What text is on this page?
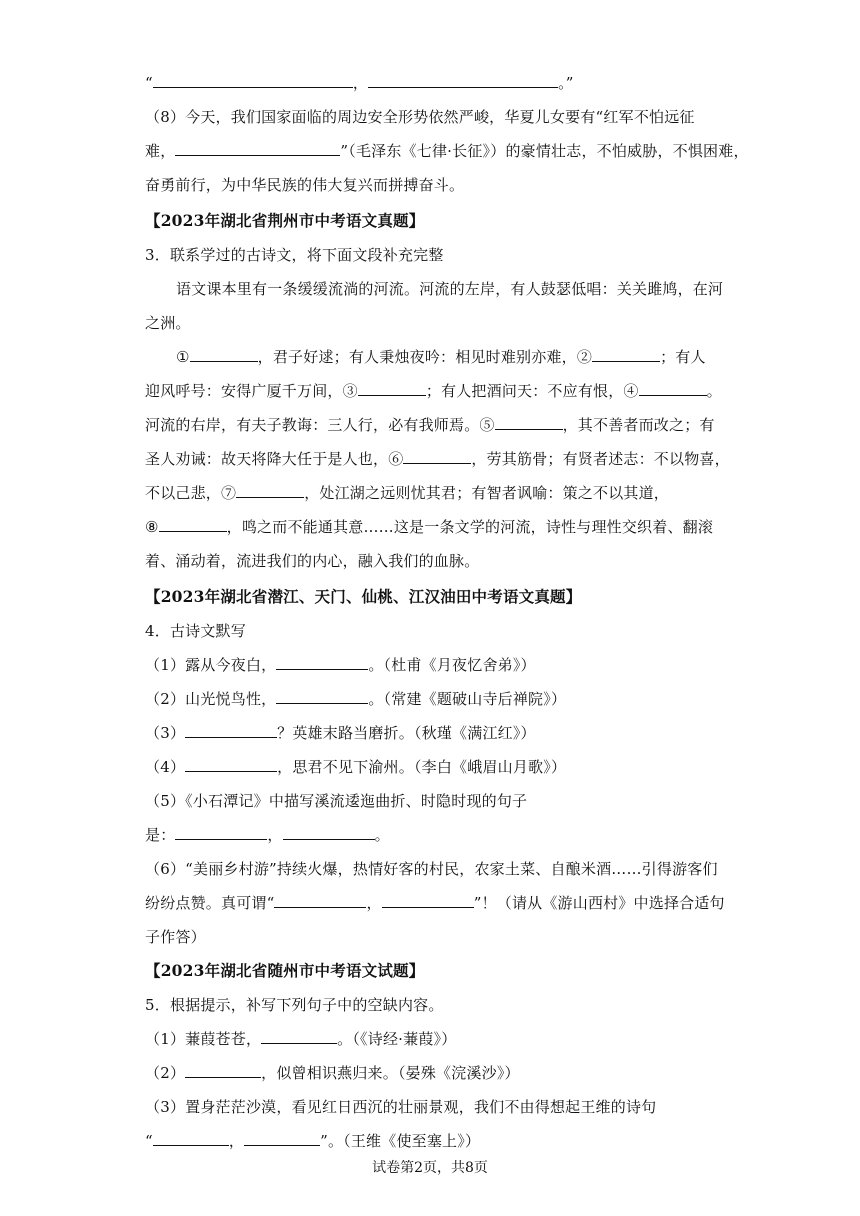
“	，	。”
（8）今天，我们国家面临的周边安全形势依然严峻，华夏儿女要有“红军不怕远征
难，	”（毛泽东《七律·长征》）的豪情壮志，不怕威胁，不惧困难，
奋勇前行，为中华民族的伟大复兴而拼搏奋斗。
【2023年湖北省荆州市中考语文真题】
3．联系学过的古诗文，将下面文段补充完整
语文课本里有一条缓缓流淌的河流。河流的左岸，有人鼓瑟低唱：关关雎鸠，在河
之洲。
①	，君子好逑；有人秉烛夜吟：相见时难别亦难，②	；有人
迎风呼号：安得广厦千万间，③	；有人把酒问天：不应有恨，④	。
河流的右岸，有夫子教诲：三人行，必有我师焉。⑤	，其不善者而改之；有
圣人劝诫：故天将降大任于是人也，⑥	，劳其筋骨；有贤者述志：不以物喜，
不以己悲，⑦	，处江湖之远则忧其君；有智者讽喻：策之不以其道，
⑧	，鸣之而不能通其意……这是一条文学的河流，诗性与理性交织着、翻滚
着、涌动着，流进我们的内心，融入我们的血脉。
【2023年湖北省潜江、天门、仙桃、江汉油田中考语文真题】
4．古诗文默写
（1）露从今夜白，	。（杜甫《月夜忆舍弟》）
（2）山光悦鸟性，	。（常建《题破山寺后禅院》）
（3）	？英雄末路当磨折。（秋瑾《满江红》）
（4）	，思君不见下渝州。（李白《峨眉山月歌》）
（5）《小石潭记》中描写溪流逶迤曲折、时隐时现的句子
是：	，	。
（6）“美丽乡村游”持续火爆，热情好客的村民，农家土菜、自酿米酒……引得游客们
纷纷点赞。真可谓“	，	”！（请从《游山西村》中选择合适句
子作答）
【2023年湖北省随州市中考语文试题】
5．根据提示，补写下列句子中的空缺内容。
（1）蒹葭苍苍，	。（《诗经·蒹葭》）
（2）	，似曾相识燕归来。（晏殊《浣溪沙》）
（3）置身茫茫沙漠，看见红日西沉的壮丽景观，我们不由得想起王维的诗句
“	，	”。（王维《使至塞上》）
试卷第2页，共8页
